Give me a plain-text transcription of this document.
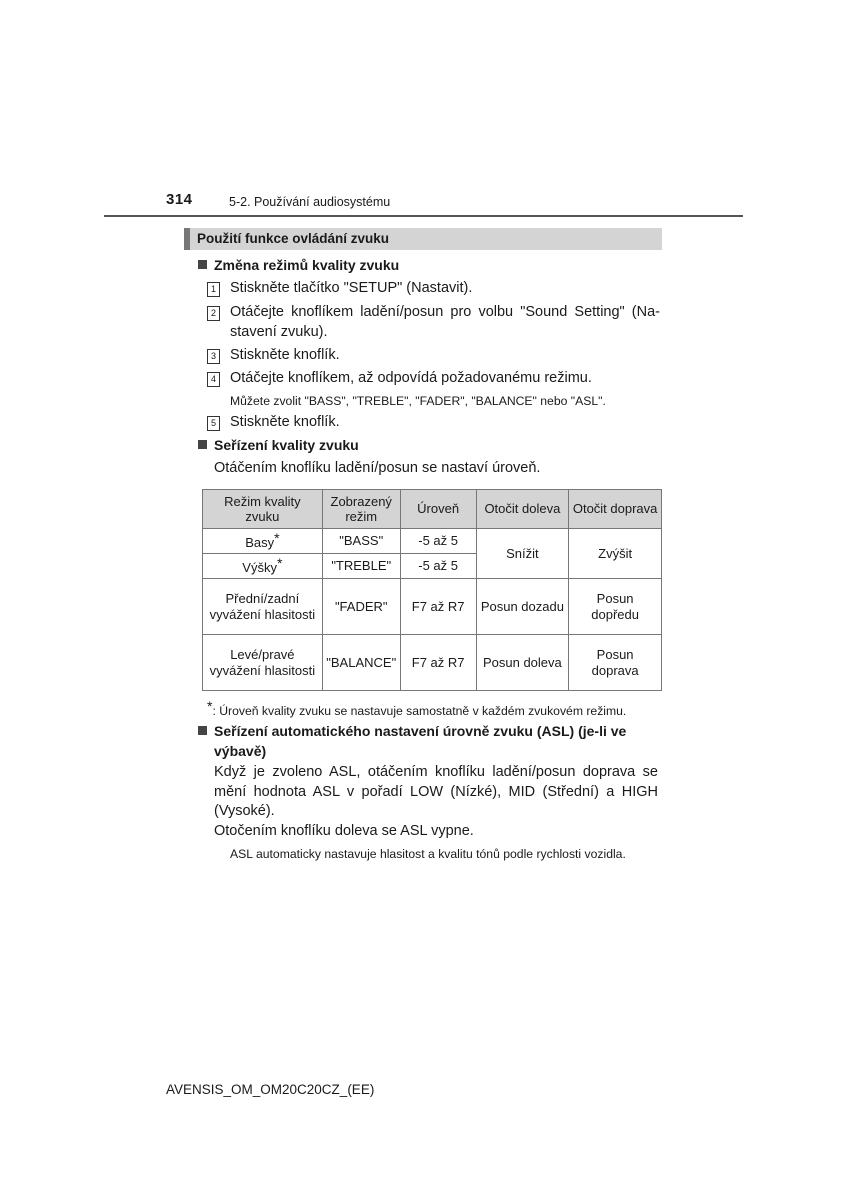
314	5-2. Používání audiosystému
Použití funkce ovládání zvuku
Změna režimů kvality zvuku
1 Stiskněte tlačítko "SETUP" (Nastavit).
2 Otáčejte knoflíkem ladění/posun pro volbu "Sound Setting" (Na-stavení zvuku).
3 Stiskněte knoflík.
4 Otáčejte knoflíkem, až odpovídá požadovanému režimu.
Můžete zvolit "BASS", "TREBLE", "FADER", "BALANCE" nebo "ASL".
5 Stiskněte knoflík.
Seřízení kvality zvuku
Otáčením knoflíku ladění/posun se nastaví úroveň.
Režim kvality zvuku	Zobrazený režim	Úroveň	Otočit doleva	Otočit doprava
Basy*	"BASS"	-5 až 5	Snížit	Zvýšit
Výšky*	"TREBLE"	-5 až 5		
Přední/zadní vyvážení hlasitosti	"FADER"	F7 až R7	Posun dozadu	Posun dopředu
Levé/pravé vyvážení hlasitosti	"BALANCE"	F7 až R7	Posun doleva	Posun doprava
*: Úroveň kvality zvuku se nastavuje samostatně v každém zvukovém režimu.
Seřízení automatického nastavení úrovně zvuku (ASL) (je-li ve
výbavě)
Když je zvoleno ASL, otáčením knoflíku ladění/posun doprava se
mění hodnota ASL v pořadí LOW (Nízké), MID (Střední) a HIGH
(Vysoké).
Otočením knoflíku doleva se ASL vypne.
ASL automaticky nastavuje hlasitost a kvalitu tónů podle rychlosti vozidla.
AVENSIS_OM_OM20C20CZ_(EE)
